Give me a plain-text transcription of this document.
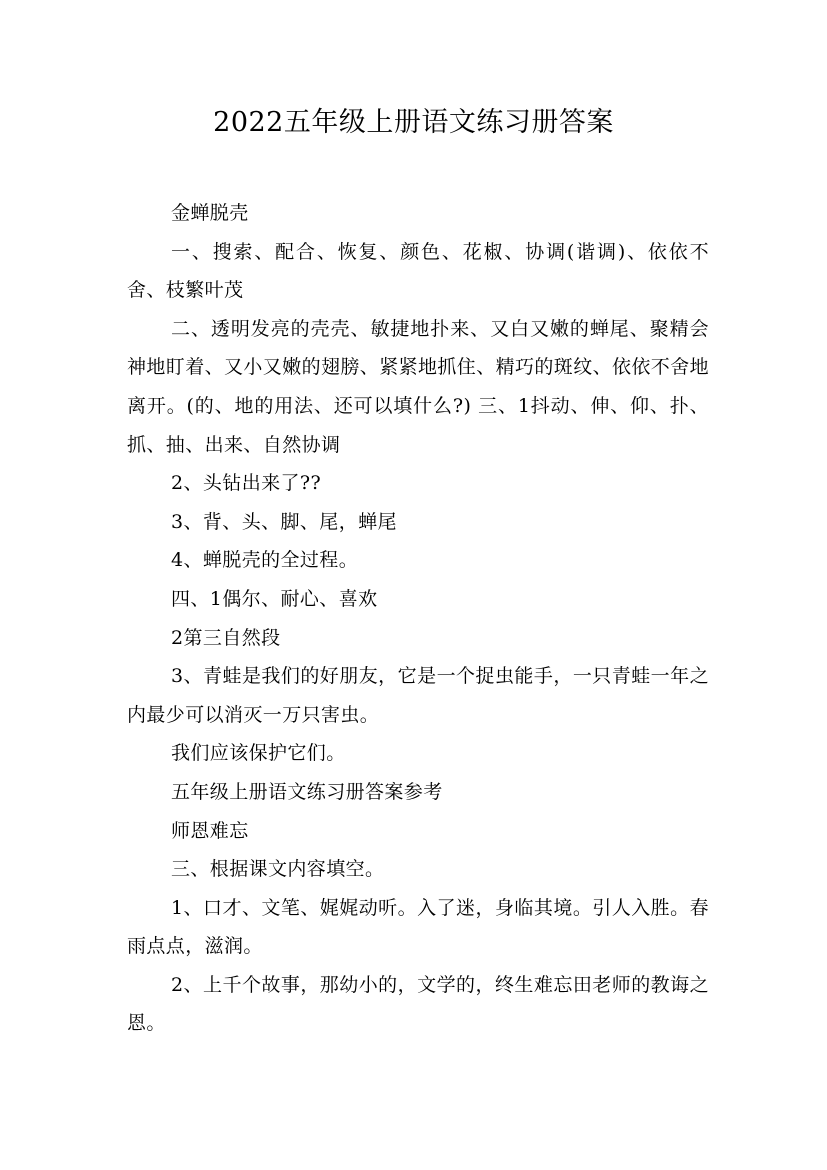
2022五年级上册语文练习册答案

金蝉脱壳

一、搜索、配合、恢复、颜色、花椒、协调(谐调)、依依不舍、枝繁叶茂

二、透明发亮的壳壳、敏捷地扑来、又白又嫩的蝉尾、聚精会神地盯着、又小又嫩的翅膀、紧紧地抓住、精巧的斑纹、依依不舍地离开。(的、地的用法、还可以填什么?) 三、1抖动、伸、仰、扑、抓、抽、出来、自然协调

2、头钻出来了??

3、背、头、脚、尾，蝉尾

4、蝉脱壳的全过程。

四、1偶尔、耐心、喜欢

2第三自然段

3、青蛙是我们的好朋友，它是一个捉虫能手，一只青蛙一年之内最少可以消灭一万只害虫。

我们应该保护它们。

五年级上册语文练习册答案参考

师恩难忘

三、根据课文内容填空。

1、口才、文笔、娓娓动听。入了迷，身临其境。引人入胜。春雨点点，滋润。

2、上千个故事，那幼小的，文学的，终生难忘田老师的教诲之恩。
